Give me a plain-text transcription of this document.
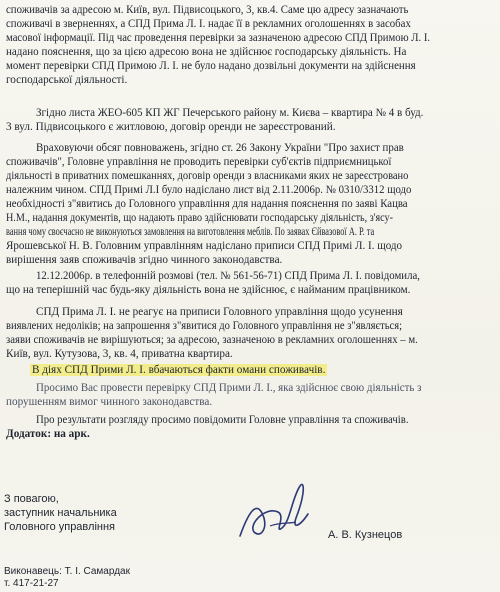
споживачів за адресою м. Київ, вул. Підвисоцького, 3, кв.4. Саме цю адресу зазначають
споживачі в зверненнях, а СПД Прима Л. І. надає її в рекламних оголошеннях в засобах
масової інформації. Під час проведення перевірки за зазначеною адресою СПД Примою Л. І.
надано пояснення, що за цією адресою вона не здійснює господарську діяльність. На
момент перевірки СПД Примою Л. І. не було надано дозвільні документи на здійснення
господарської діяльності.
Згідно листа ЖЕО-605 КП ЖГ Печерського району м. Києва – квартира № 4 в буд.
3 вул. Підвисоцького є житловою, договір оренди не зареєстрований.
Враховуючи обсяг повноважень, згідно ст. 26 Закону України "Про захист прав
споживачів", Головне управління не проводить перевірки суб'єктів підприємницької
діяльності в приватних помешканнях, договір оренди з власниками яких не зареєстровано
належним чином. СПД Примі Л.І було надіслано лист від 2.11.2006р. № 0310/3312 щодо
необхідності з"явитись до Головного управління для надання пояснення по заяві Кацва
Н.М., надання документів, що надають право здійснювати господарську діяльність, з'ясу-
вання чому своєчасно не виконуються замовлення на виготовлення меблів. По заявах Єйвазової А. Р. та
Ярошевської Н. В. Головним управлінням надіслано приписи СПД Примі Л. І. щодо
вирішення заяв споживачів згідно чинного законодавства.
12.12.2006р. в телефонній розмові (тел. № 561-56-71) СПД Прима Л. І. повідомила,
що на теперішній час будь-яку діяльність вона не здійснює, є найманим працівником.
СПД Прима Л. І. не реагує на приписи Головного управління щодо усунення
виявлених недоліків; на запрошення з"явитися до Головного управління не з"являється;
заяви споживачів не вирішуються; за адресою, зазначеною в рекламних оголошеннях – м.
Київ, вул. Кутузова, 3, кв. 4, приватна квартира.
В діях СПД Прими Л. І. вбачаються факти омани споживачів.
Просимо Вас провести перевірку СПД Прими Л. І., яка здійснює свою діяльність з
порушенням вимог чинного законодавства.
Про результати розгляду просимо повідомити Головне управління та споживачів.
Додаток: на арк.
З повагою,
заступник начальника
Головного управління
А. В. Кузнецов
Виконавець: Т. І. Самардак
т. 417-21-27
